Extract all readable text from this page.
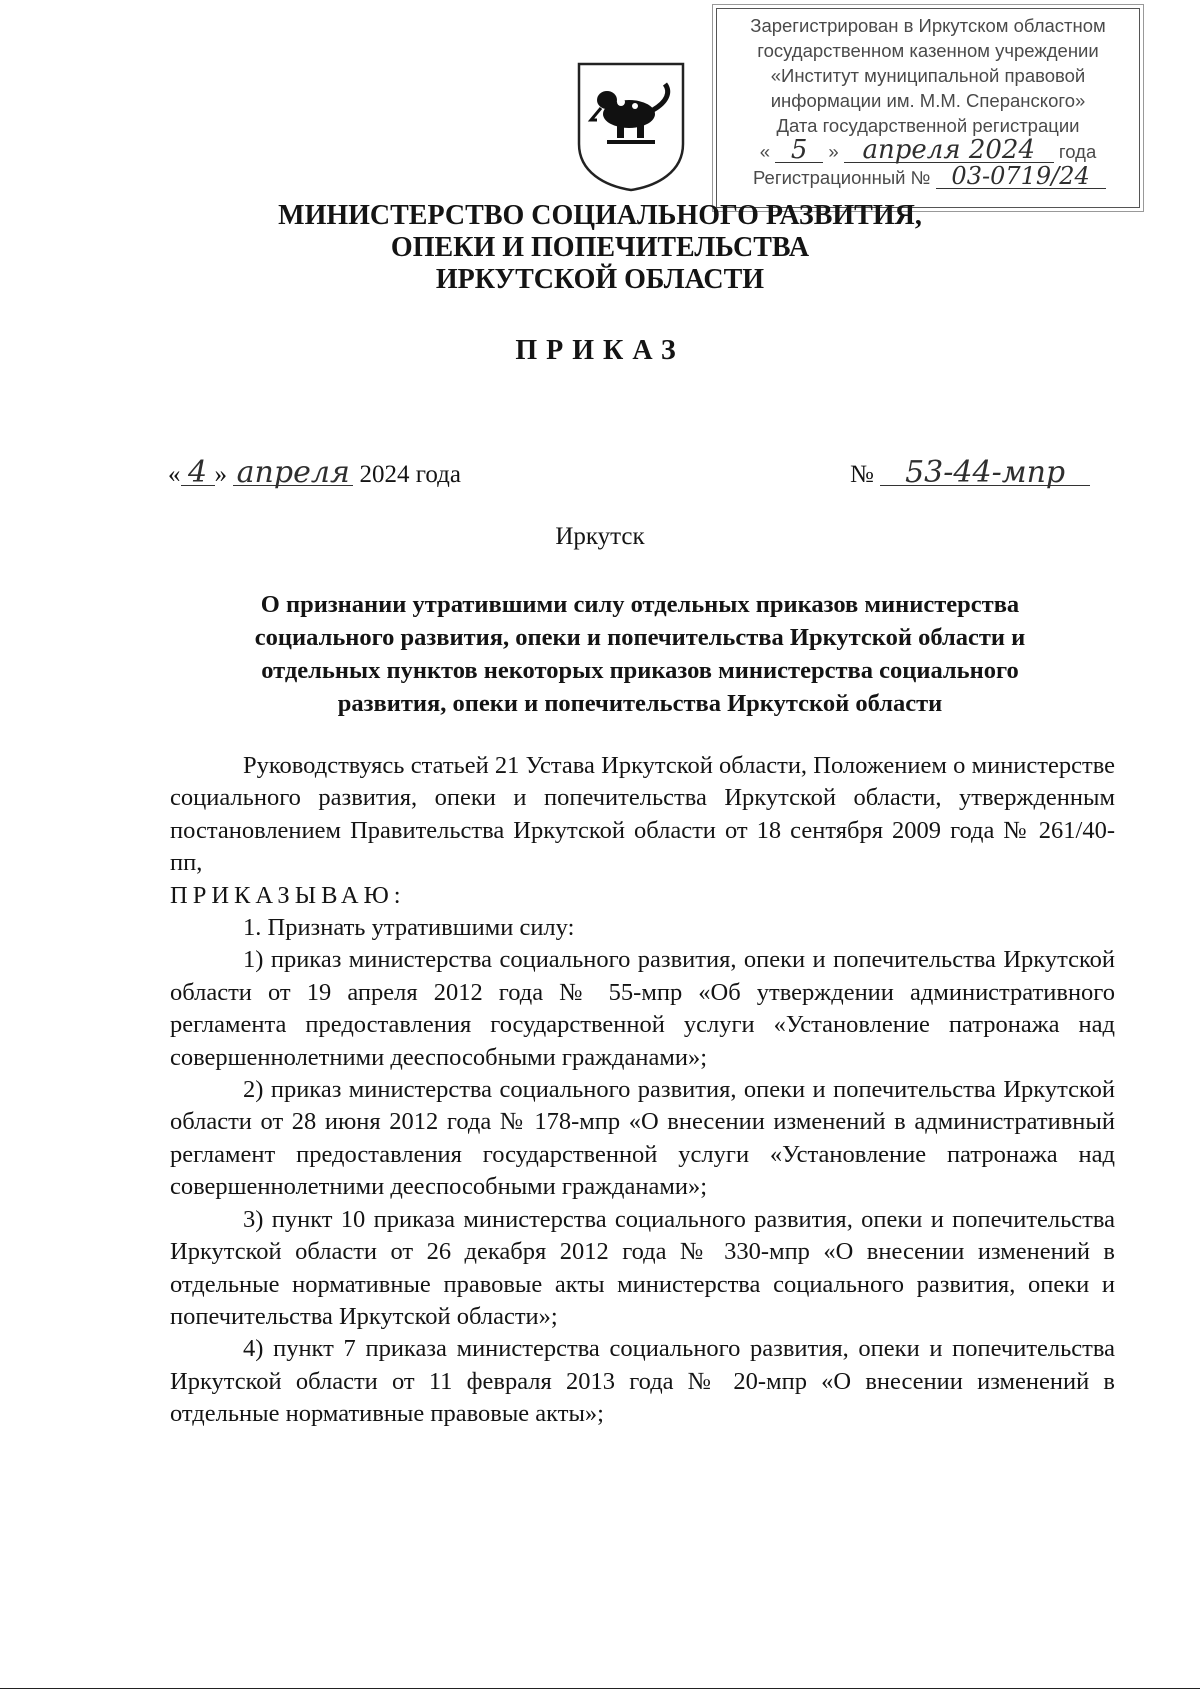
Зарегистрирован в Иркутском областном
государственном казенном учреждении
«Институт муниципальной правовой
информации им. М.М. Сперанского»
Дата государственной регистрации
« 5 » апреля 2024 года
Регистрационный № 03-0719/24
МИНИСТЕРСТВО СОЦИАЛЬНОГО РАЗВИТИЯ,
ОПЕКИ И ПОПЕЧИТЕЛЬСТВА
ИРКУТСКОЙ ОБЛАСТИ
ПРИКАЗ
« 4 » апреля 2024 года	№ 53-44-мпр
Иркутск
О признании утратившими силу отдельных приказов министерства
социального развития, опеки и попечительства Иркутской области и
отдельных пунктов некоторых приказов министерства социального
развития, опеки и попечительства Иркутской области

Руководствуясь статьей 21 Устава Иркутской области, Положением о министерстве социального развития, опеки и попечительства Иркутской области, утвержденным постановлением Правительства Иркутской области от 18 сентября 2009 года № 261/40-пп,

ПРИКАЗЫВАЮ:

1. Признать утратившими силу:

1) приказ министерства социального развития, опеки и попечительства Иркутской области от 19 апреля 2012 года № 55-мпр «Об утверждении административного регламента предоставления государственной услуги «Установление патронажа над совершеннолетними дееспособными гражданами»;

2) приказ министерства социального развития, опеки и попечительства Иркутской области от 28 июня 2012 года № 178-мпр «О внесении изменений в административный регламент предоставления государственной услуги «Установление патронажа над совершеннолетними дееспособными гражданами»;

3) пункт 10 приказа министерства социального развития, опеки и попечительства Иркутской области от 26 декабря 2012 года № 330-мпр «О внесении изменений в отдельные нормативные правовые акты министерства социального развития, опеки и попечительства Иркутской области»;

4) пункт 7 приказа министерства социального развития, опеки и попечительства Иркутской области от 11 февраля 2013 года № 20-мпр «О внесении изменений в отдельные нормативные правовые акты»;
